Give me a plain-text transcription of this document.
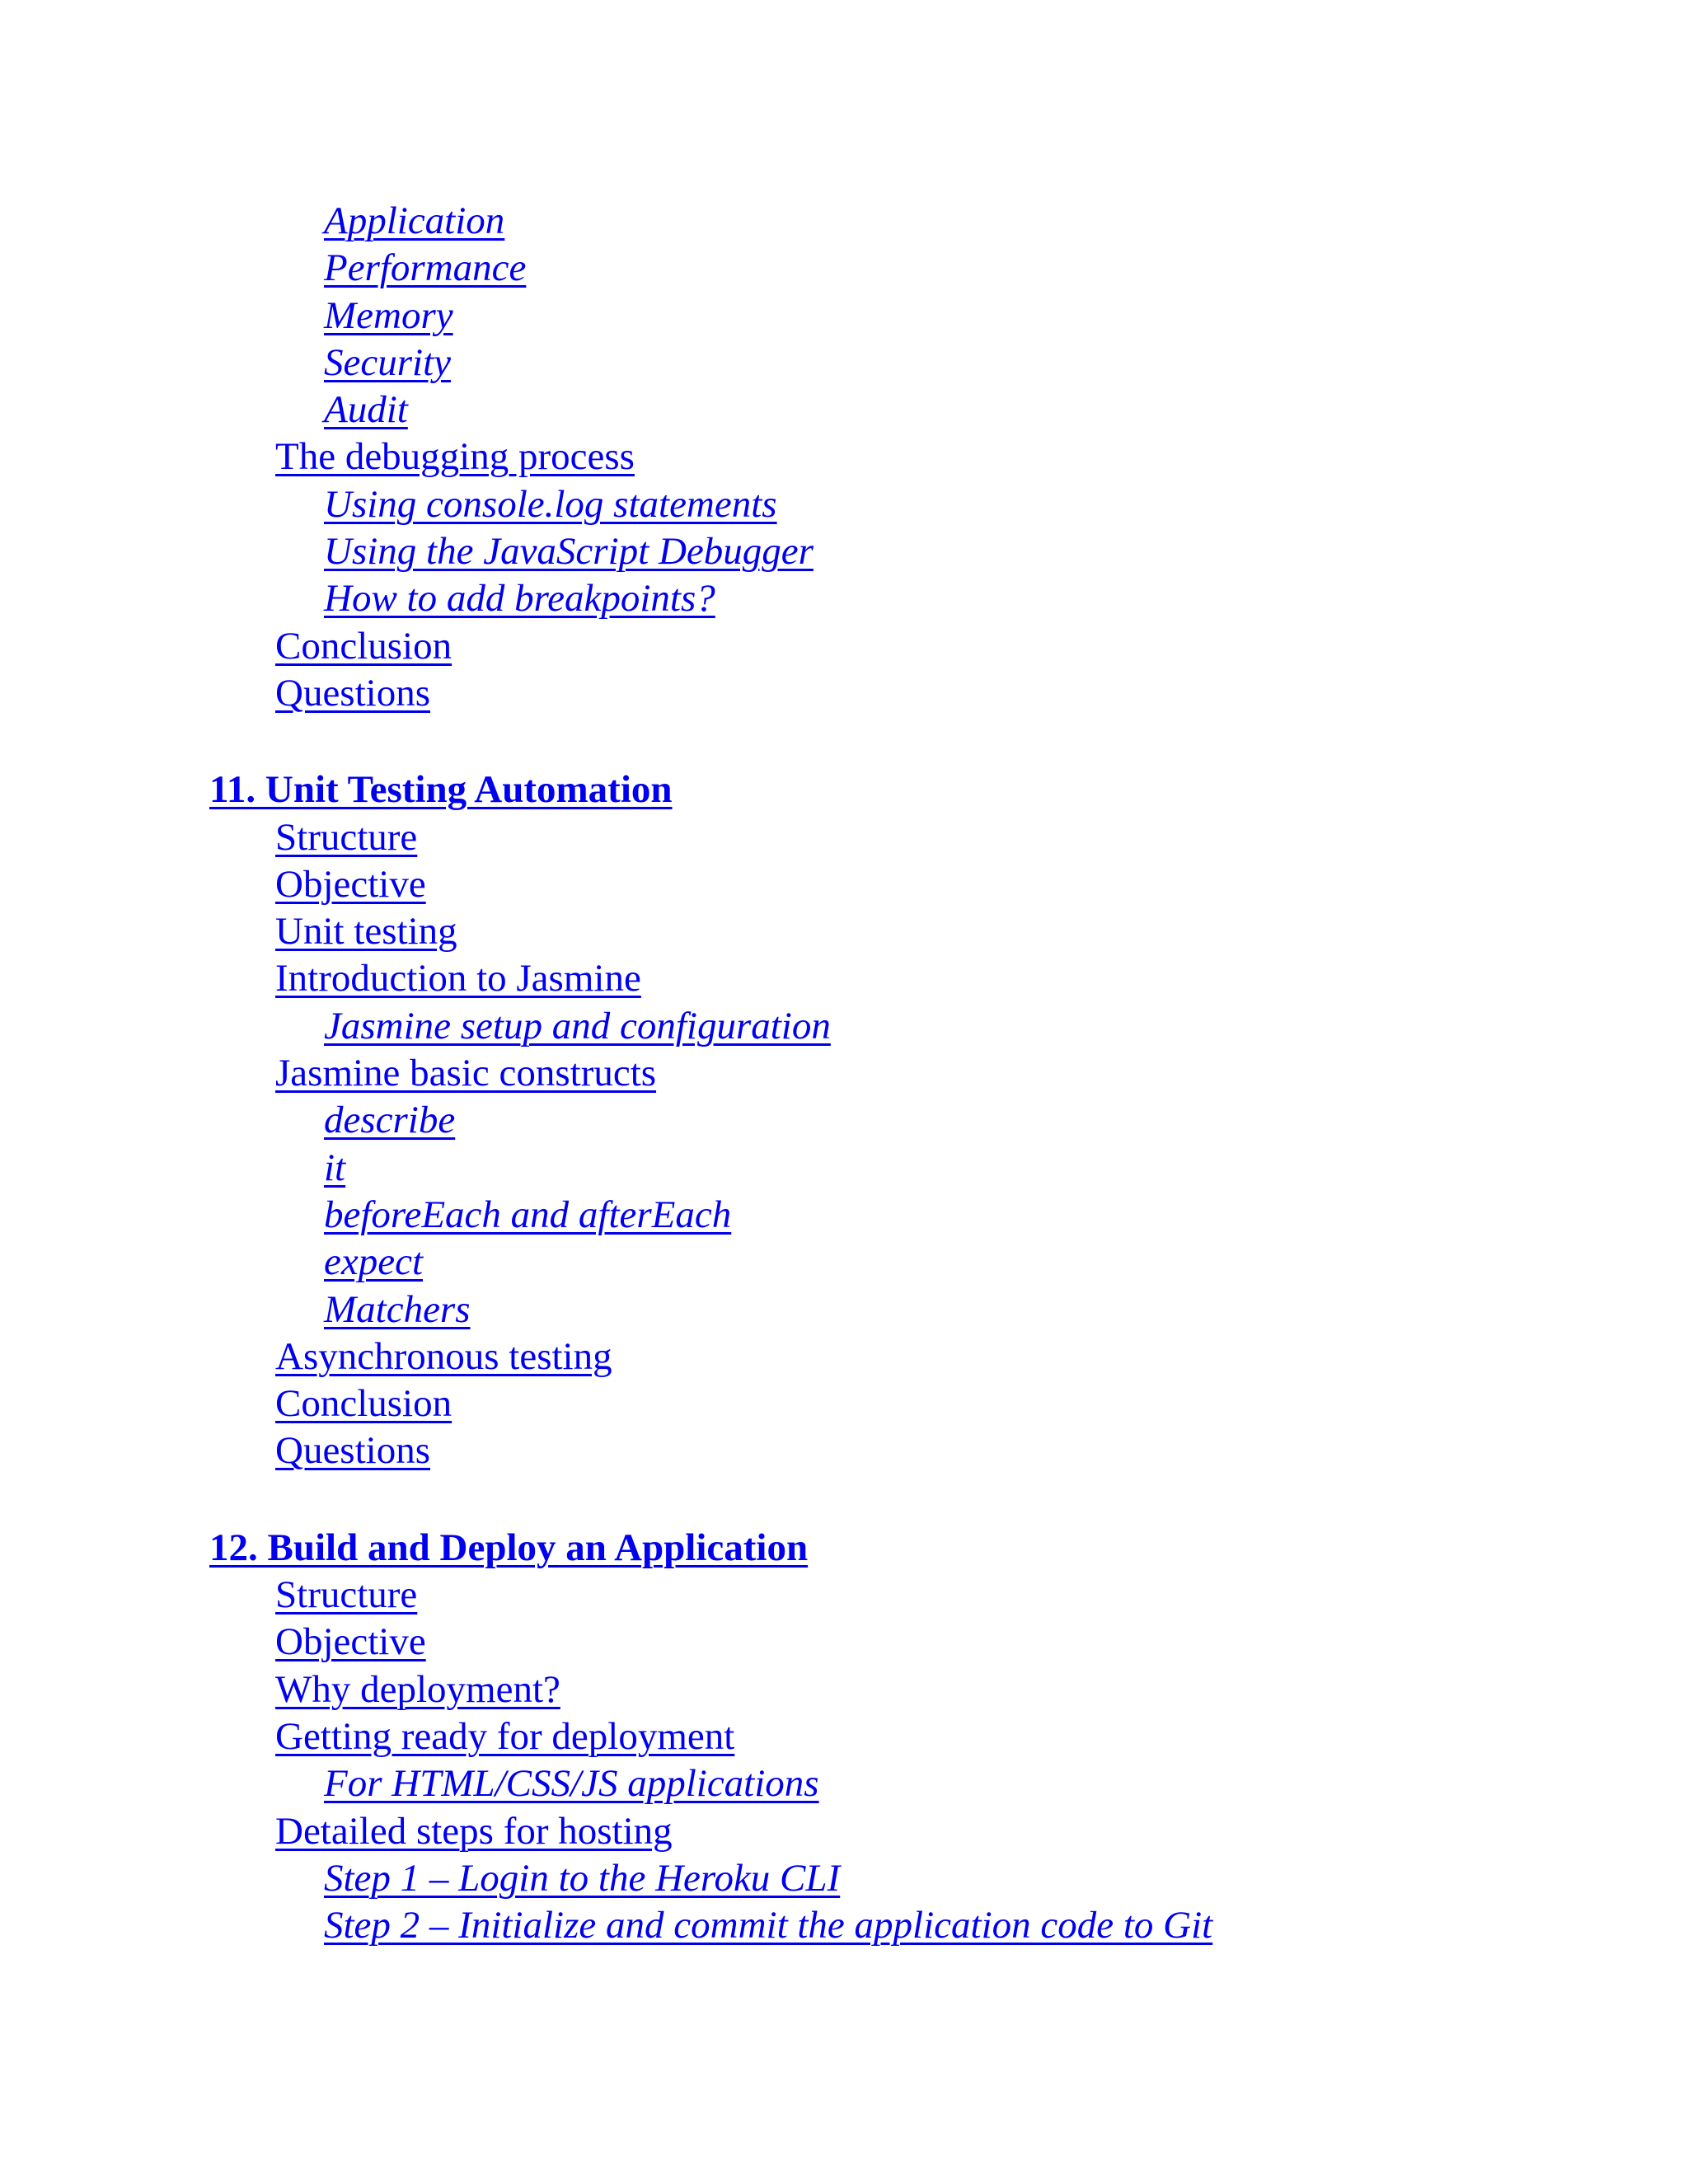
Application
Performance
Memory
Security
Audit
The debugging process
Using console.log statements
Using the JavaScript Debugger
How to add breakpoints?
Conclusion
Questions
11. Unit Testing Automation
Structure
Objective
Unit testing
Introduction to Jasmine
Jasmine setup and configuration
Jasmine basic constructs
describe
it
beforeEach and afterEach
expect
Matchers
Asynchronous testing
Conclusion
Questions
12. Build and Deploy an Application
Structure
Objective
Why deployment?
Getting ready for deployment
For HTML/CSS/JS applications
Detailed steps for hosting
Step 1 – Login to the Heroku CLI
Step 2 – Initialize and commit the application code to Git
